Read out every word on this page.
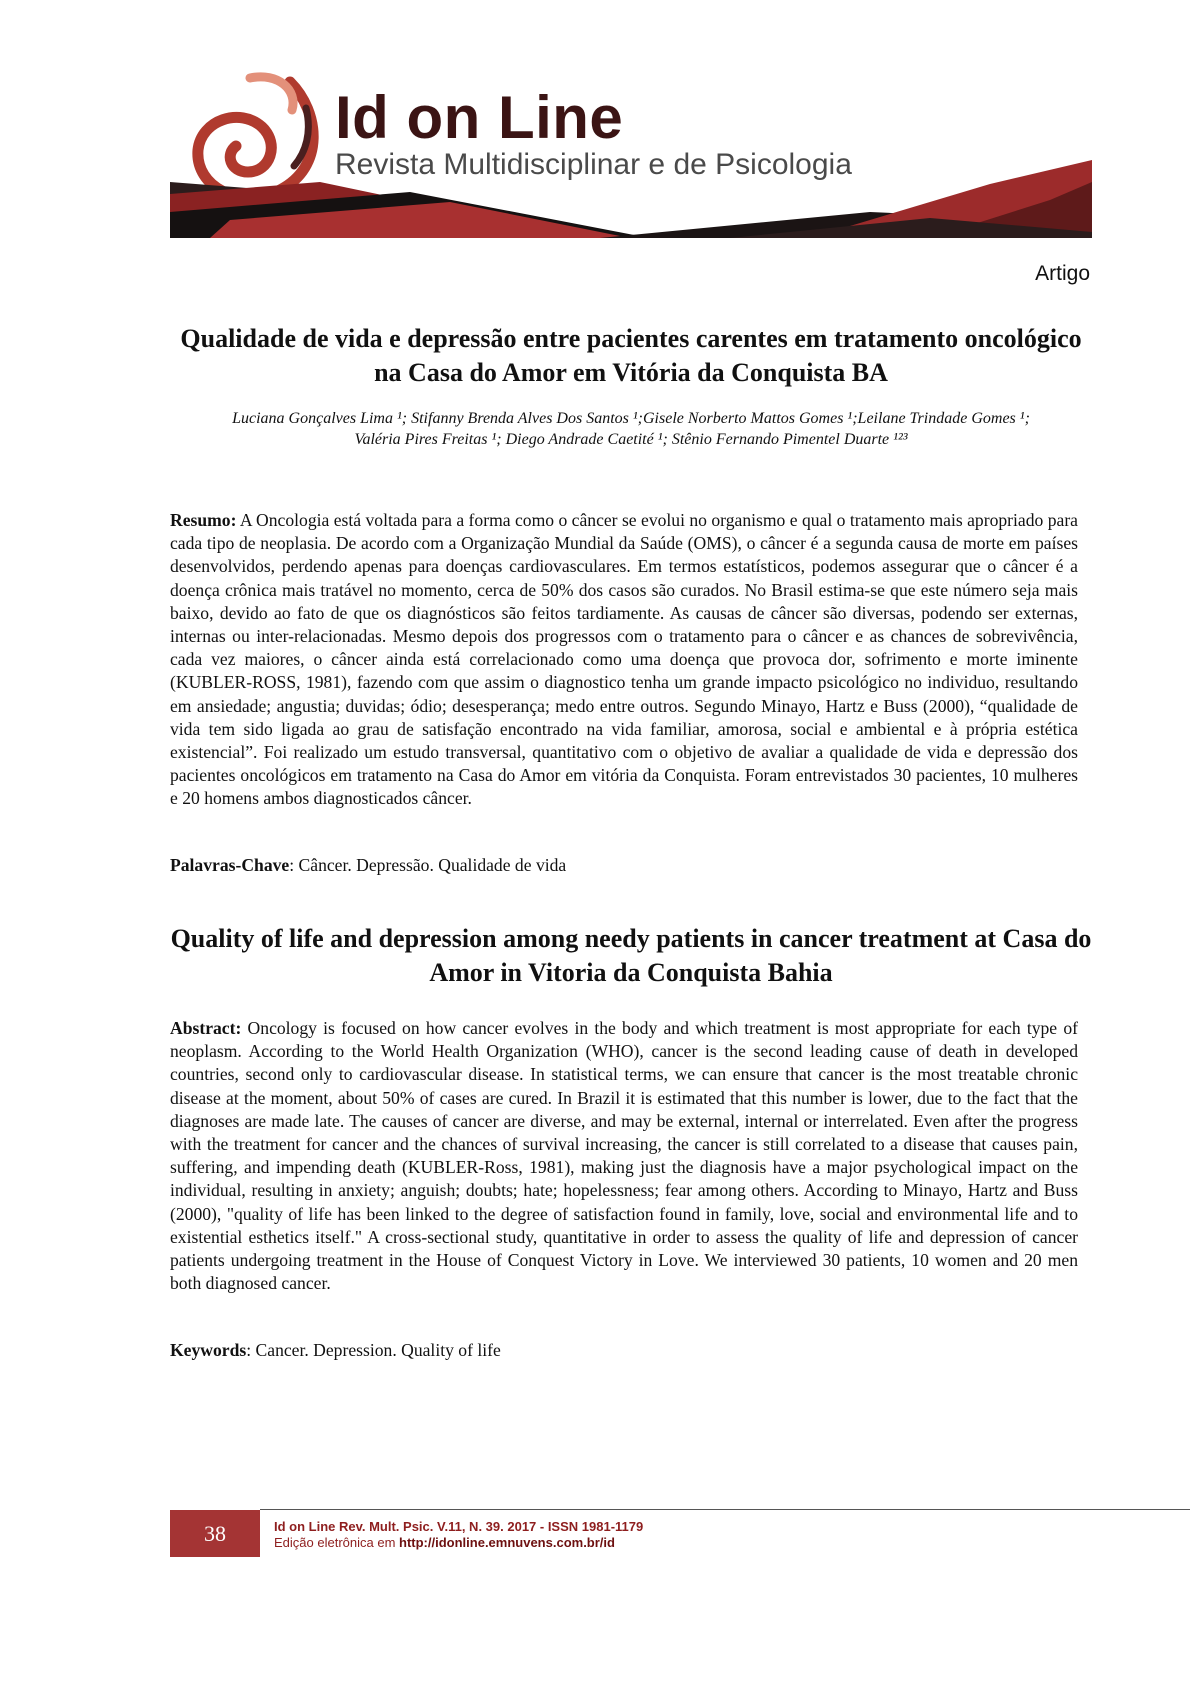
Id on Line
Revista Multidisciplinar e de Psicologia
Artigo
Qualidade de vida e depressão entre pacientes carentes em tratamento oncológico na Casa do Amor em Vitória da Conquista BA
Luciana Gonçalves Lima ¹; Stifanny Brenda Alves Dos Santos ¹;Gisele Norberto Mattos Gomes ¹;Leilane Trindade Gomes ¹;
Valéria Pires Freitas ¹; Diego Andrade Caetité ¹; Stênio Fernando Pimentel Duarte ¹²³

Resumo: A Oncologia está voltada para a forma como o câncer se evolui no organismo e qual o tratamento mais apropriado para cada tipo de neoplasia. De acordo com a Organização Mundial da Saúde (OMS), o câncer é a segunda causa de morte em países desenvolvidos, perdendo apenas para doenças cardiovasculares. Em termos estatísticos, podemos assegurar que o câncer é a doença crônica mais tratável no momento, cerca de 50% dos casos são curados. No Brasil estima-se que este número seja mais baixo, devido ao fato de que os diagnósticos são feitos tardiamente. As causas de câncer são diversas, podendo ser externas, internas ou inter-relacionadas. Mesmo depois dos progressos com o tratamento para o câncer e as chances de sobrevivência, cada vez maiores, o câncer ainda está correlacionado como uma doença que provoca dor, sofrimento e morte iminente (KUBLER-ROSS, 1981), fazendo com que assim o diagnostico tenha um grande impacto psicológico no individuo, resultando em ansiedade; angustia; duvidas; ódio; desesperança; medo entre outros. Segundo Minayo, Hartz e Buss (2000), “qualidade de vida tem sido ligada ao grau de satisfação encontrado na vida familiar, amorosa, social e ambiental e à própria estética existencial”. Foi realizado um estudo transversal, quantitativo com o objetivo de avaliar a qualidade de vida e depressão dos pacientes oncológicos em tratamento na Casa do Amor em vitória da Conquista. Foram entrevistados 30 pacientes, 10 mulheres e 20 homens ambos diagnosticados câncer.

Palavras-Chave: Câncer. Depressão. Qualidade de vida

Quality of life and depression among needy patients in cancer treatment at Casa do Amor in Vitoria da Conquista Bahia

Abstract: Oncology is focused on how cancer evolves in the body and which treatment is most appropriate for each type of neoplasm. According to the World Health Organization (WHO), cancer is the second leading cause of death in developed countries, second only to cardiovascular disease. In statistical terms, we can ensure that cancer is the most treatable chronic disease at the moment, about 50% of cases are cured. In Brazil it is estimated that this number is lower, due to the fact that the diagnoses are made late. The causes of cancer are diverse, and may be external, internal or interrelated. Even after the progress with the treatment for cancer and the chances of survival increasing, the cancer is still correlated to a disease that causes pain, suffering, and impending death (KUBLER-Ross, 1981), making just the diagnosis have a major psychological impact on the individual, resulting in anxiety; anguish; doubts; hate; hopelessness; fear among others. According to Minayo, Hartz and Buss (2000), "quality of life has been linked to the degree of satisfaction found in family, love, social and environmental life and to existential esthetics itself." A cross-sectional study, quantitative in order to assess the quality of life and depression of cancer patients undergoing treatment in the House of Conquest Victory in Love. We interviewed 30 patients, 10 women and 20 men both diagnosed cancer.

Keywords: Cancer. Depression. Quality of life

38	Id on Line Rev. Mult. Psic. V.11, N. 39. 2017 - ISSN 1981-1179
Edição eletrônica em http://idonline.emnuvens.com.br/id
